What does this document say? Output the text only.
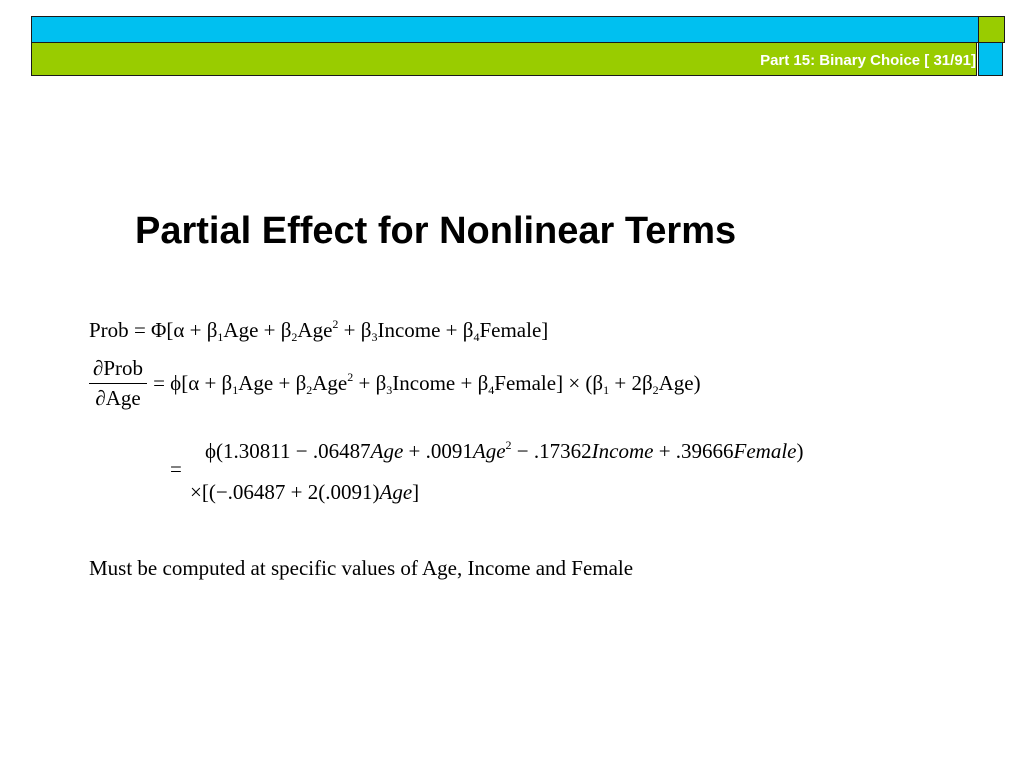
Part 15: Binary Choice [ 31/91]
Partial Effect for Nonlinear Terms
Prob = $\Phi[\alpha + \beta_1Age + \beta_2Age^2$ + $\beta_3Income$ + $\beta_4Female$]
$\frac{\text{∂Prob}}{\text{∂Age}} = \phi[\alpha + \beta_1Age + \beta_2Age^2$ + $\beta_3Income$ + $\beta_4Female] \times (\beta_1 + 2\beta_2Age)$
=
ϕ(1.30811 − .06487Age + .0091Age$^2$ − .17362Income + .39666Female)
×[(−.06487 + 2(.0091)Age]
Must be computed at specific values of Age, Income and Female
